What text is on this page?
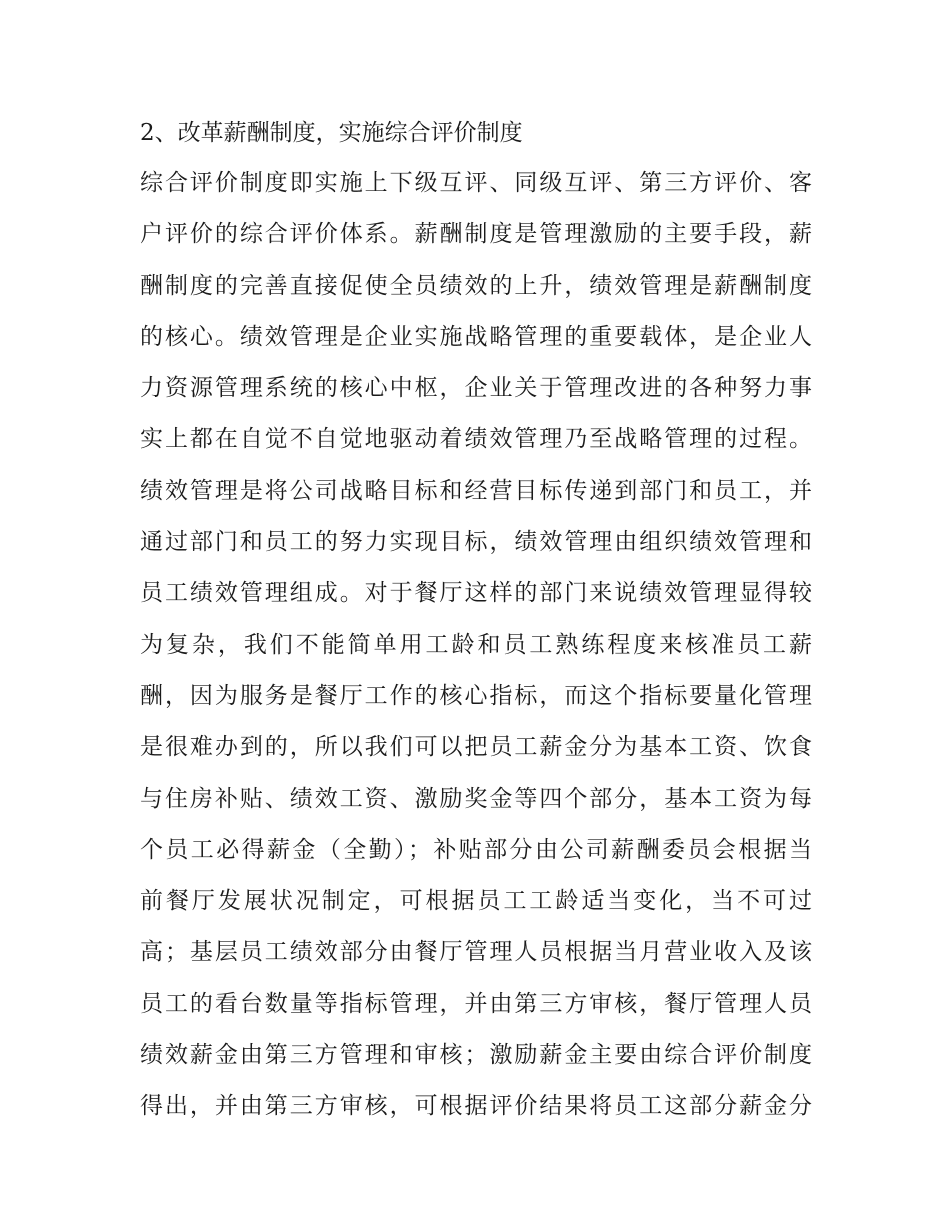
2、改革薪酬制度，实施综合评价制度
综合评价制度即实施上下级互评、同级互评、第三方评价、客
户评价的综合评价体系。薪酬制度是管理激励的主要手段，薪
酬制度的完善直接促使全员绩效的上升，绩效管理是薪酬制度
的核心。绩效管理是企业实施战略管理的重要载体，是企业人
力资源管理系统的核心中枢，企业关于管理改进的各种努力事
实上都在自觉不自觉地驱动着绩效管理乃至战略管理的过程。
绩效管理是将公司战略目标和经营目标传递到部门和员工，并
通过部门和员工的努力实现目标，绩效管理由组织绩效管理和
员工绩效管理组成。对于餐厅这样的部门来说绩效管理显得较
为复杂，我们不能简单用工龄和员工熟练程度来核准员工薪
酬，因为服务是餐厅工作的核心指标，而这个指标要量化管理
是很难办到的，所以我们可以把员工薪金分为基本工资、饮食
与住房补贴、绩效工资、激励奖金等四个部分，基本工资为每
个员工必得薪金（全勤）；补贴部分由公司薪酬委员会根据当
前餐厅发展状况制定，可根据员工工龄适当变化，当不可过
高；基层员工绩效部分由餐厅管理人员根据当月营业收入及该
员工的看台数量等指标管理，并由第三方审核，餐厅管理人员
绩效薪金由第三方管理和审核；激励薪金主要由综合评价制度
得出，并由第三方审核，可根据评价结果将员工这部分薪金分
